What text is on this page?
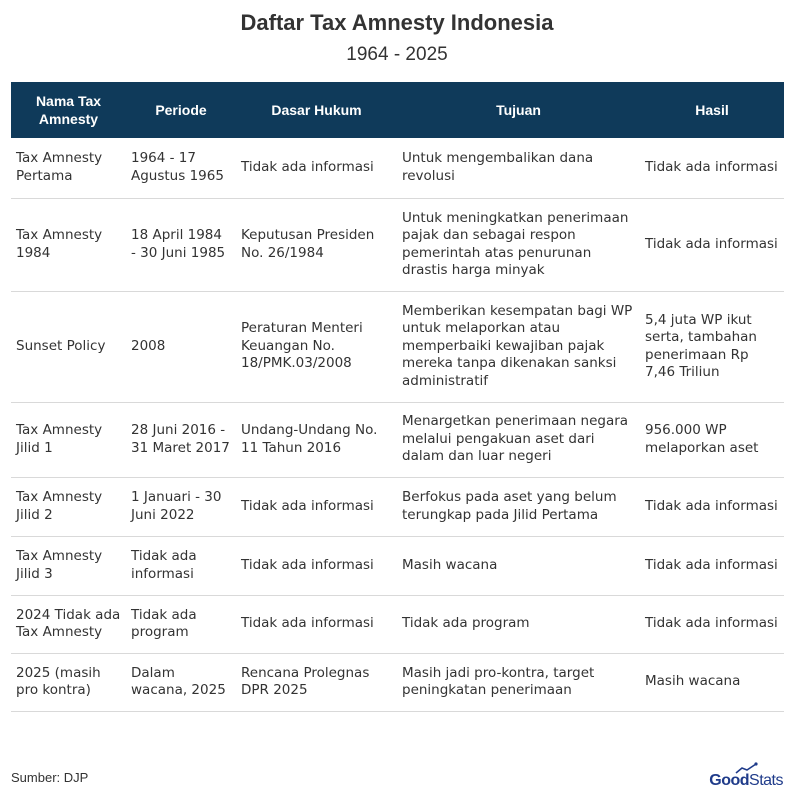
Daftar Tax Amnesty Indonesia
1964 - 2025
Nama Tax Amnesty	Periode	Dasar Hukum	Tujuan	Hasil
Tax Amnesty Pertama	1964 - 17 Agustus 1965	Tidak ada informasi	Untuk mengembalikan dana revolusi	Tidak ada informasi
Tax Amnesty 1984	18 April 1984 - 30 Juni 1985	Keputusan Presiden No. 26/1984	Untuk meningkatkan penerimaan pajak dan sebagai respon pemerintah atas penurunan drastis harga minyak	Tidak ada informasi
Sunset Policy	2008	Peraturan Menteri Keuangan No. 18/PMK.03/2008	Memberikan kesempatan bagi WP untuk melaporkan atau memperbaiki kewajiban pajak mereka tanpa dikenakan sanksi administratif	5,4 juta WP ikut serta, tambahan penerimaan Rp 7,46 Triliun
Tax Amnesty Jilid 1	28 Juni 2016 - 31 Maret 2017	Undang-Undang No. 11 Tahun 2016	Menargetkan penerimaan negara melalui pengakuan aset dari dalam dan luar negeri	956.000 WP melaporkan aset
Tax Amnesty Jilid 2	1 Januari - 30 Juni 2022	Tidak ada informasi	Berfokus pada aset yang belum terungkap pada Jilid Pertama	Tidak ada informasi
Tax Amnesty Jilid 3	Tidak ada informasi	Tidak ada informasi	Masih wacana	Tidak ada informasi
2024 Tidak ada Tax Amnesty	Tidak ada program	Tidak ada informasi	Tidak ada program	Tidak ada informasi
2025 (masih pro kontra)	Dalam wacana, 2025	Rencana Prolegnas DPR 2025	Masih jadi pro-kontra, target peningkatan penerimaan	Masih wacana
Sumber: DJP	GoodStats
